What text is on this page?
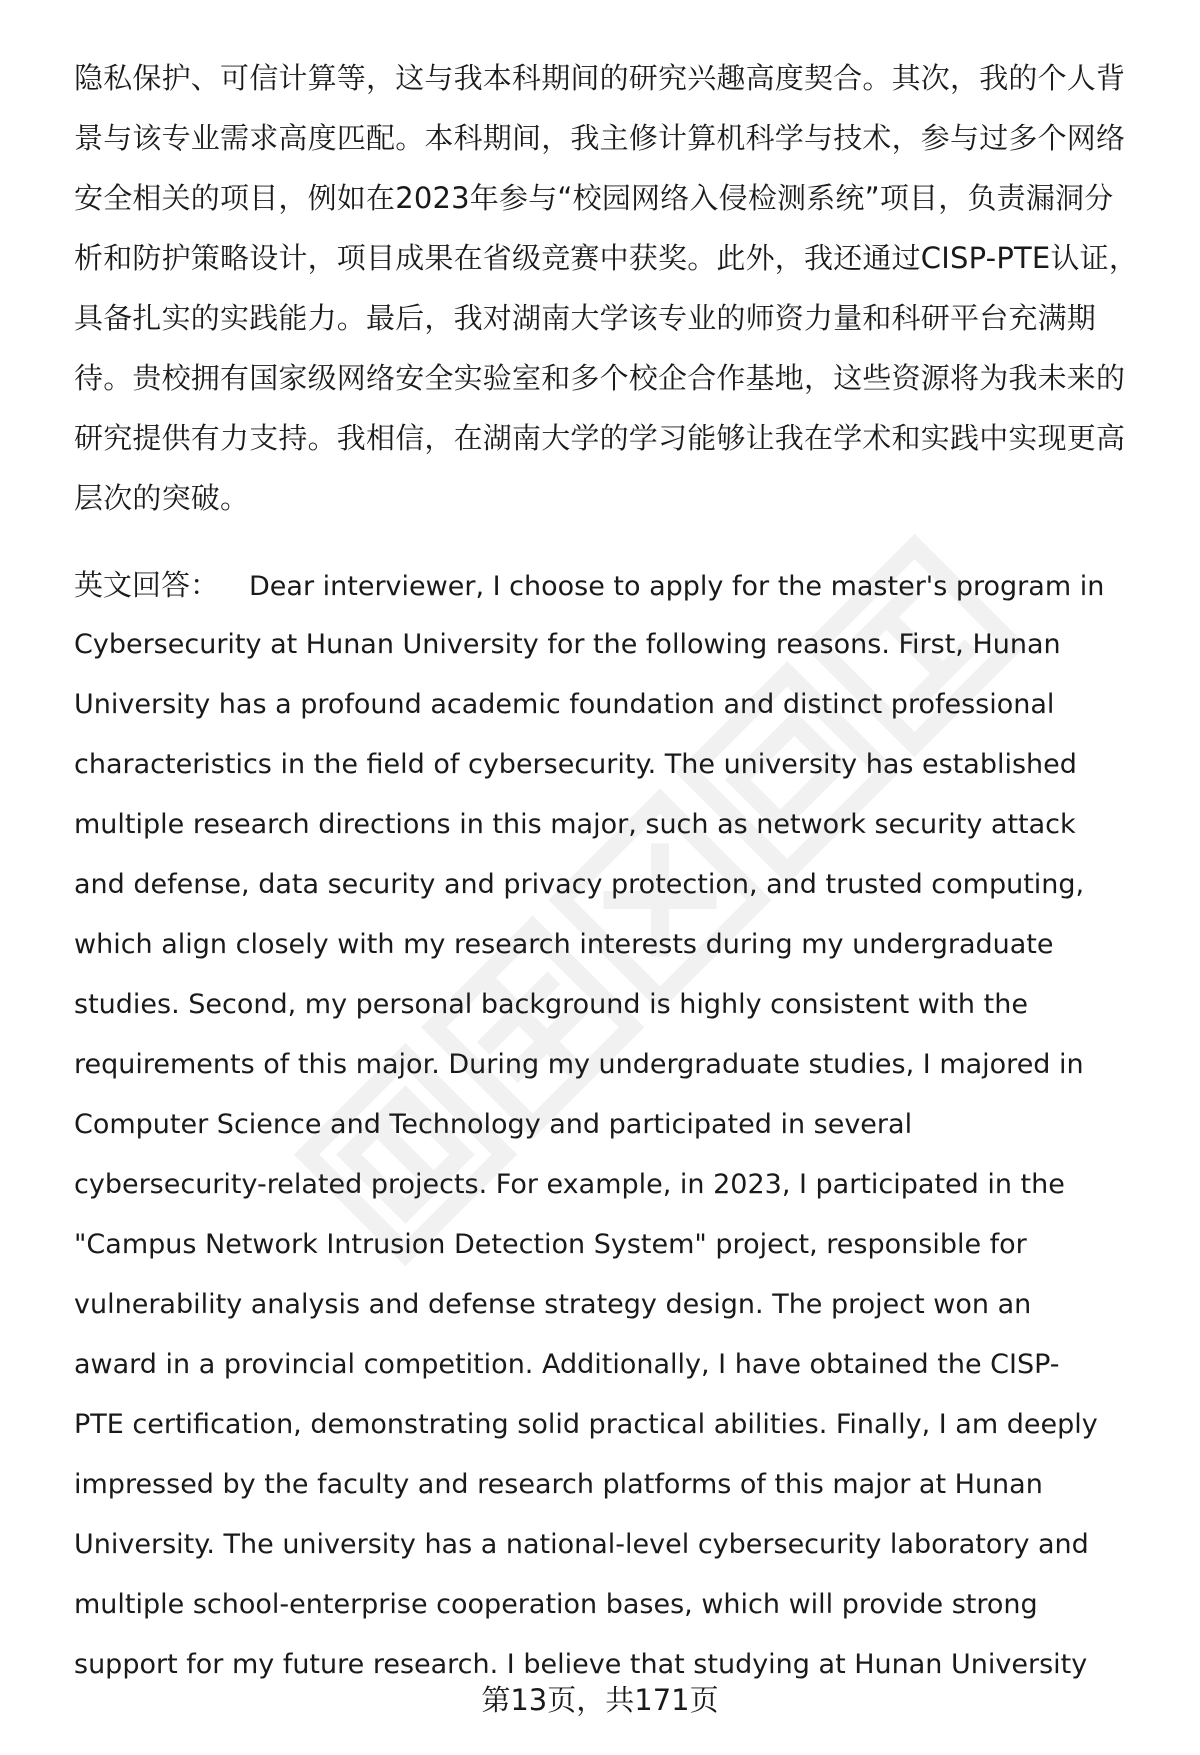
隐私保护、可信计算等，这与我本科期间的研究兴趣高度契合。其次，我的个人背
景与该专业需求高度匹配。本科期间，我主修计算机科学与技术，参与过多个网络
安全相关的项目，例如在2023年参与“校园网络入侵检测系统”项目，负责漏洞分
析和防护策略设计，项目成果在省级竞赛中获奖。此外，我还通过CISP-PTE认证，
具备扎实的实践能力。最后，我对湖南大学该专业的师资力量和科研平台充满期
待。贵校拥有国家级网络安全实验室和多个校企合作基地，这些资源将为我未来的
研究提供有力支持。我相信，在湖南大学的学习能够让我在学术和实践中实现更高
层次的突破。
英文回答： Dear interviewer, I choose to apply for the master's program in
Cybersecurity at Hunan University for the following reasons. First, Hunan
University has a profound academic foundation and distinct professional
characteristics in the field of cybersecurity. The university has established
multiple research directions in this major, such as network security attack
and defense, data security and privacy protection, and trusted computing,
which align closely with my research interests during my undergraduate
studies. Second, my personal background is highly consistent with the
requirements of this major. During my undergraduate studies, I majored in
Computer Science and Technology and participated in several
cybersecurity-related projects. For example, in 2023, I participated in the
"Campus Network Intrusion Detection System" project, responsible for
vulnerability analysis and defense strategy design. The project won an
award in a provincial competition. Additionally, I have obtained the CISP-
PTE certification, demonstrating solid practical abilities. Finally, I am deeply
impressed by the faculty and research platforms of this major at Hunan
University. The university has a national-level cybersecurity laboratory and
multiple school-enterprise cooperation bases, which will provide strong
support for my future research. I believe that studying at Hunan University
第13页，共171页
